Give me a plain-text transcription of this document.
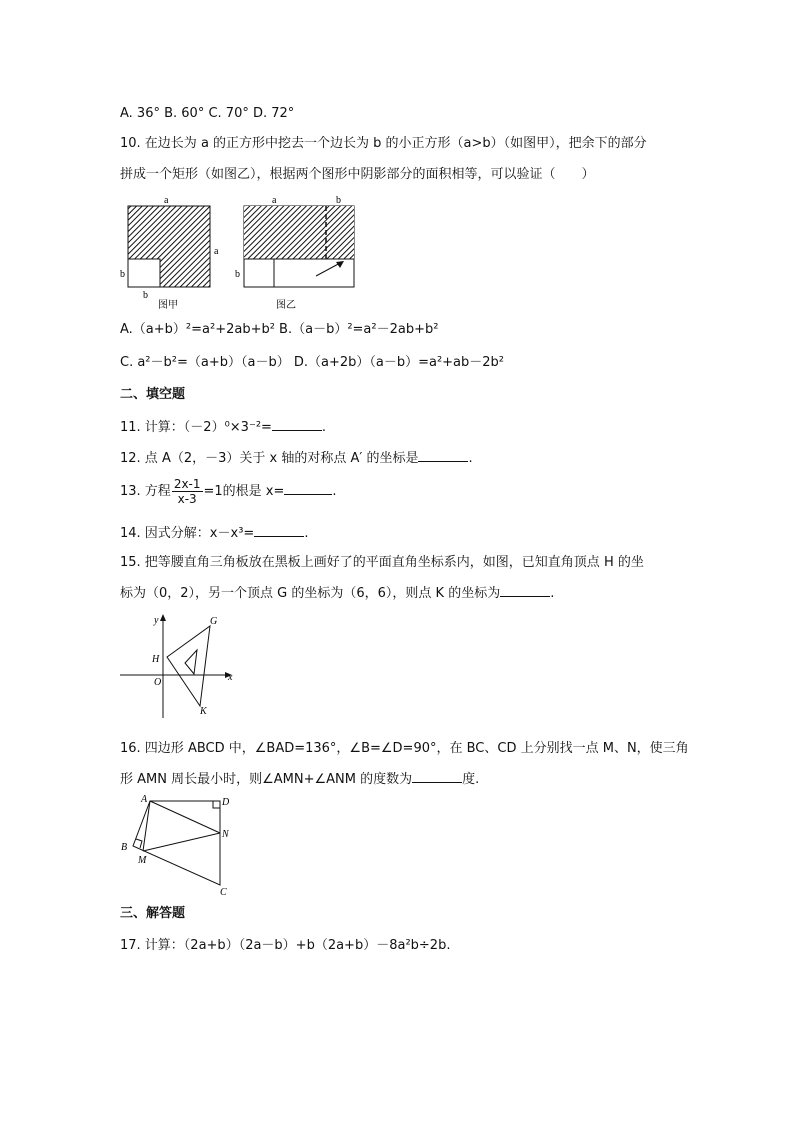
A. 36° B. 60° C. 70° D. 72°
10. 在边长为 a 的正方形中挖去一个边长为 b 的小正方形（a>b）（如图甲），把余下的部分
拼成一个矩形（如图乙），根据两个图形中阴影部分的面积相等，可以验证（　　）
a
a
b
b
图甲
a	b
b
图乙
A.（a+b）²=a²+2ab+b² B.（a－b）²=a²－2ab+b²
C. a²－b²=（a+b）（a－b） D.（a+2b）（a－b）=a²+ab－2b²
二、填空题
11. 计算：（－2）⁰×3⁻²=	.
12. 点 A（2，－3）关于 x 轴的对称点 A′ 的坐标是	.
13. 方程 $\frac{2x-1}{x-3} =1$的根是 x=	.
14. 因式分解：x－x³=	.
15. 把等腰直角三角板放在黑板上画好了的平面直角坐标系内，如图，已知直角顶点 H 的坐
标为（0，2），另一个顶点 G 的坐标为（6，6），则点 K 的坐标为	.
y
x
G
H
O
K
16. 四边形 ABCD 中，∠BAD=136°，∠B=∠D=90°，在 BC、CD 上分别找一点 M、N，使三角
形 AMN 周长最小时，则∠AMN+∠ANM 的度数为	度.
A	D
N
B
M
C
三、解答题
17. 计算：（2a+b）（2a－b）+b（2a+b）－8a²b÷2b.
